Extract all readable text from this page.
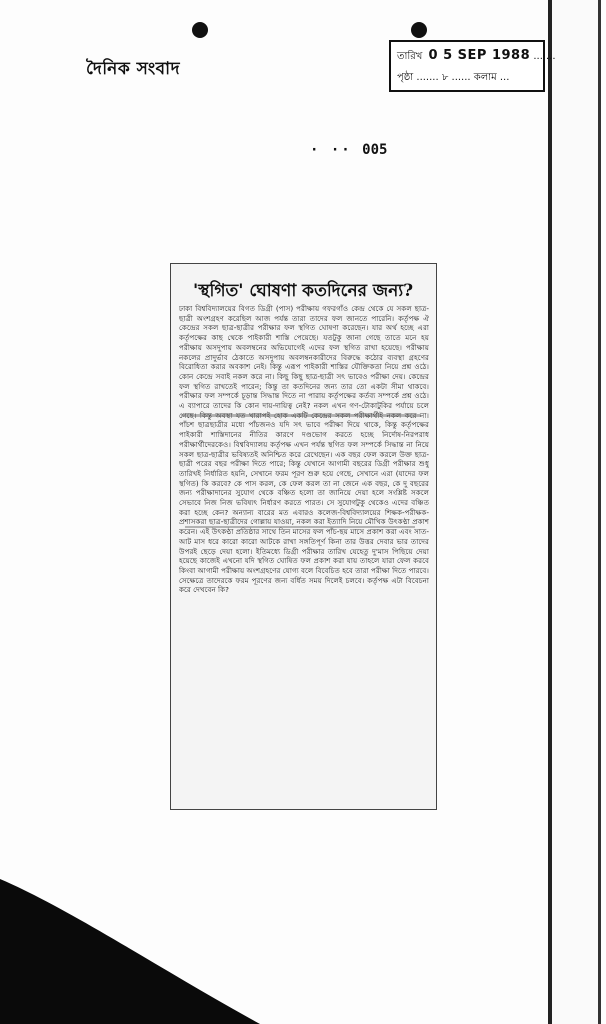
দৈনিক সংবাদ
তারিখ 0 5 SEP 1988 ... ...
পৃষ্ঠা ....... ৮ ...... কলাম ...
· ·· 005
'স্থগিত' ঘোষণা কতদিনের জন্য?
ঢাকা বিশ্ববিদ্যালয়ের বিগত ডিগ্রী (পাস) পরীক্ষায় গফরগাঁও কেন্দ্র থেকে যে সকল ছাত্র-ছাত্রী অংশগ্রহণ করেছিল আজ পর্যন্ত তারা তাদের ফল জানতে পারেনি। কর্তৃপক্ষ ঐ কেন্দ্রের সকল ছাত্র-ছাত্রীর পরীক্ষার ফল স্থগিত ঘোষণা করেছেন। যার অর্থ হচ্ছে এরা কর্তৃপক্ষের কাছ থেকে পাইকারী শাস্তি পেয়েছে। যতটুকু জানা গেছে তাতে মনে হয় পরীক্ষায় অসদুপায় অবলম্বনের অভিযোগেই এদের ফল স্থগিত রাখা হয়েছে। পরীক্ষায় নকলের প্রাদুর্ভাব ঠেকাতে অসদুপায় অবলম্বনকারীদের বিরুদ্ধে কঠোর ব্যবস্থা গ্রহণের বিরোধিতা করার অবকাশ নেই। কিন্তু এরূপ পাইকারী শাস্তির যৌক্তিকতা নিয়ে প্রশ্ন ওঠে। কোন কেন্দ্রে সবাই নকল করে না। কিছু কিছু ছাত্র-ছাত্রী সৎ ভাবেও পরীক্ষা দেয়। কেন্দ্রের ফল স্থগিত রাখতেই পারেন; কিন্তু তা কতদিনের জন্য তার তো একটা সীমা থাকবে। পরীক্ষার ফল সম্পর্কে চূড়ান্ত সিদ্ধান্ত দিতে না পারায় কর্তৃপক্ষের কর্তব্য সম্পর্কে প্রশ্ন ওঠে। এ ব্যাপারে তাদের কি কোন দায়-দায়িত্ব নেই? নকল এখন গণ-টোকাটুকির পর্যায়ে চলে গেছে। কিন্তু অবস্থা যত খারাপই হোক একটি কেন্দ্রের সকল পরীক্ষার্থীই নকল করে না। পাঁচশ ছাত্রছাত্রীর মধ্যে পাঁচজনও যদি সৎ ভাবে পরীক্ষা দিয়ে থাকে, কিন্তু কর্তৃপক্ষের পাইকারী শাস্তিদানের নীতির কারণে দণ্ডভোগ করতে হচ্ছে নির্দোষ-নিরপরাধ পরীক্ষার্থীদেরকেও। বিশ্ববিদ্যালয় কর্তৃপক্ষ এখন পর্যন্ত স্থগিত ফল সম্পর্কে সিদ্ধান্ত না নিয়ে সকল ছাত্র-ছাত্রীর ভবিষ্যতই অনিশ্চিত করে রেখেছেন। এক বছর ফেল করলে উক্ত ছাত্র-ছাত্রী পরের বছর পরীক্ষা দিতে পারে; কিন্তু যেখানে আগামী বছরের ডিগ্রী পরীক্ষার শুধু তারিখই নির্ধারিত হয়নি, সেখানে ফরম পূরণ শুরু হয়ে গেছে, সেখানে এরা (যাদের ফল স্থগিত) কি করবে? কে পাস করল, কে ফেল করল তা না জেনে এক বছর, কে দু বছরের জন্য পরীক্ষাদানের সুযোগ থেকে বঞ্চিত হলো তা জানিয়ে দেয়া হলে সংশ্লিষ্ট সকলে সেভাবে নিজ নিজ ভবিষ্যৎ নির্ধারণ করতে পারত। সে সুযোগটুকু থেকেও এদের বঞ্চিত করা হচ্ছে কেন? অন্যান্য বারের মত এবারও কলেজ-বিশ্ববিদ্যালয়ের শিক্ষক-পরীক্ষক-প্রশাসকরা ছাত্র-ছাত্রীদের গোল্লায় যাওয়া, নকল করা ইত্যাদি নিয়ে মৌখিক উৎকণ্ঠা প্রকাশ করেন। এই উৎকণ্ঠা প্রতিষ্ঠার সাথে তিন মাসের ফল পাঁচ-ছয় মাসে প্রকাশ করা এবং সাত-আট মাস ধরে কারো কারো আটকে রাখা সঙ্গতিপূর্ণ কিনা তার উত্তর দেবার ভার তাদের উপরই ছেড়ে দেয়া হলো। ইতিমধ্যে ডিগ্রী পরীক্ষার তারিখ যেহেতু দু'মাস পিছিয়ে দেয়া হয়েছে কাজেই এখনো যদি স্থগিত ঘোষিত ফল প্রকাশ করা যায় তাহলে যারা ফেল করবে কিংবা আগামী পরীক্ষায় অংশগ্রহণের যোগ্য বলে বিবেচিত হবে তারা পরীক্ষা দিতে পারবে। সেক্ষেত্রে তাদেরকে ফরম পূরণের জন্য বর্ধিত সময় দিলেই চলবে। কর্তৃপক্ষ এটা বিবেচনা করে দেখবেন কি?
